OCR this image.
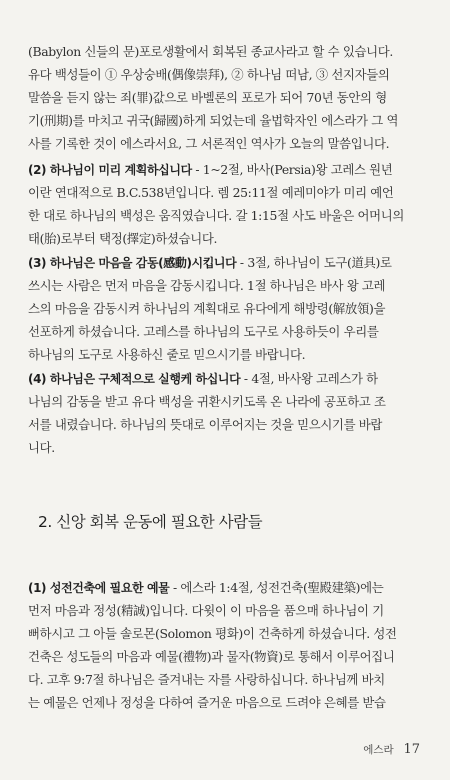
(Babylon 신들의 문)포로생활에서 회복된 종교사라고 할 수 있습니다.
유다 백성들이 ① 우상숭배(偶像崇拜), ② 하나님 떠남, ③ 선지자들의
말씀을 듣지 않는 죄(罪)값으로 바벨론의 포로가 되어 70년 동안의 형
기(刑期)를 마치고 귀국(歸國)하게 되었는데 율법학자인 에스라가 그 역
사를 기록한 것이 에스라서요, 그 서론적인 역사가 오늘의 말씀입니다.
(2) 하나님이 미리 계획하십니다 - 1~2절, 바사(Persia)왕 고레스 원년
이란 연대적으로 B.C.538년입니다. 렘 25:11절 예레미야가 미리 예언
한 대로 하나님의 백성은 움직였습니다. 갈 1:15절 사도 바울은 어머니의
태(胎)로부터 택정(擇定)하셨습니다.
(3) 하나님은 마음을 감동(感動)시킵니다 - 3절, 하나님이 도구(道具)로
쓰시는 사람은 먼저 마음을 감동시킵니다. 1절 하나님은 바사 왕 고레
스의 마음을 감동시켜 하나님의 계획대로 유다에게 해방령(解放領)을
선포하게 하셨습니다. 고레스를 하나님의 도구로 사용하듯이 우리를
하나님의 도구로 사용하신 줄로 믿으시기를 바랍니다.
(4) 하나님은 구체적으로 실행케 하십니다 - 4절, 바사왕 고레스가 하
나님의 감동을 받고 유다 백성을 귀환시키도록 온 나라에 공포하고 조
서를 내렸습니다. 하나님의 뜻대로 이루어지는 것을 믿으시기를 바랍
니다.
2. 신앙 회복 운동에 필요한 사람들
(1) 성전건축에 필요한 예물 - 에스라 1:4절, 성전건축(聖殿建築)에는
먼저 마음과 정성(精誠)입니다. 다윗이 이 마음을 품으매 하나님이 기
뻐하시고 그 아들 솔로몬(Solomon 평화)이 건축하게 하셨습니다. 성전
건축은 성도들의 마음과 예물(禮物)과 물자(物資)로 통해서 이루어집니
다. 고후 9:7절 하나님은 즐겨내는 자를 사랑하십니다. 하나님께 바치
는 예물은 언제나 정성을 다하여 즐거운 마음으로 드려야 은혜를 받습
에스라 17
